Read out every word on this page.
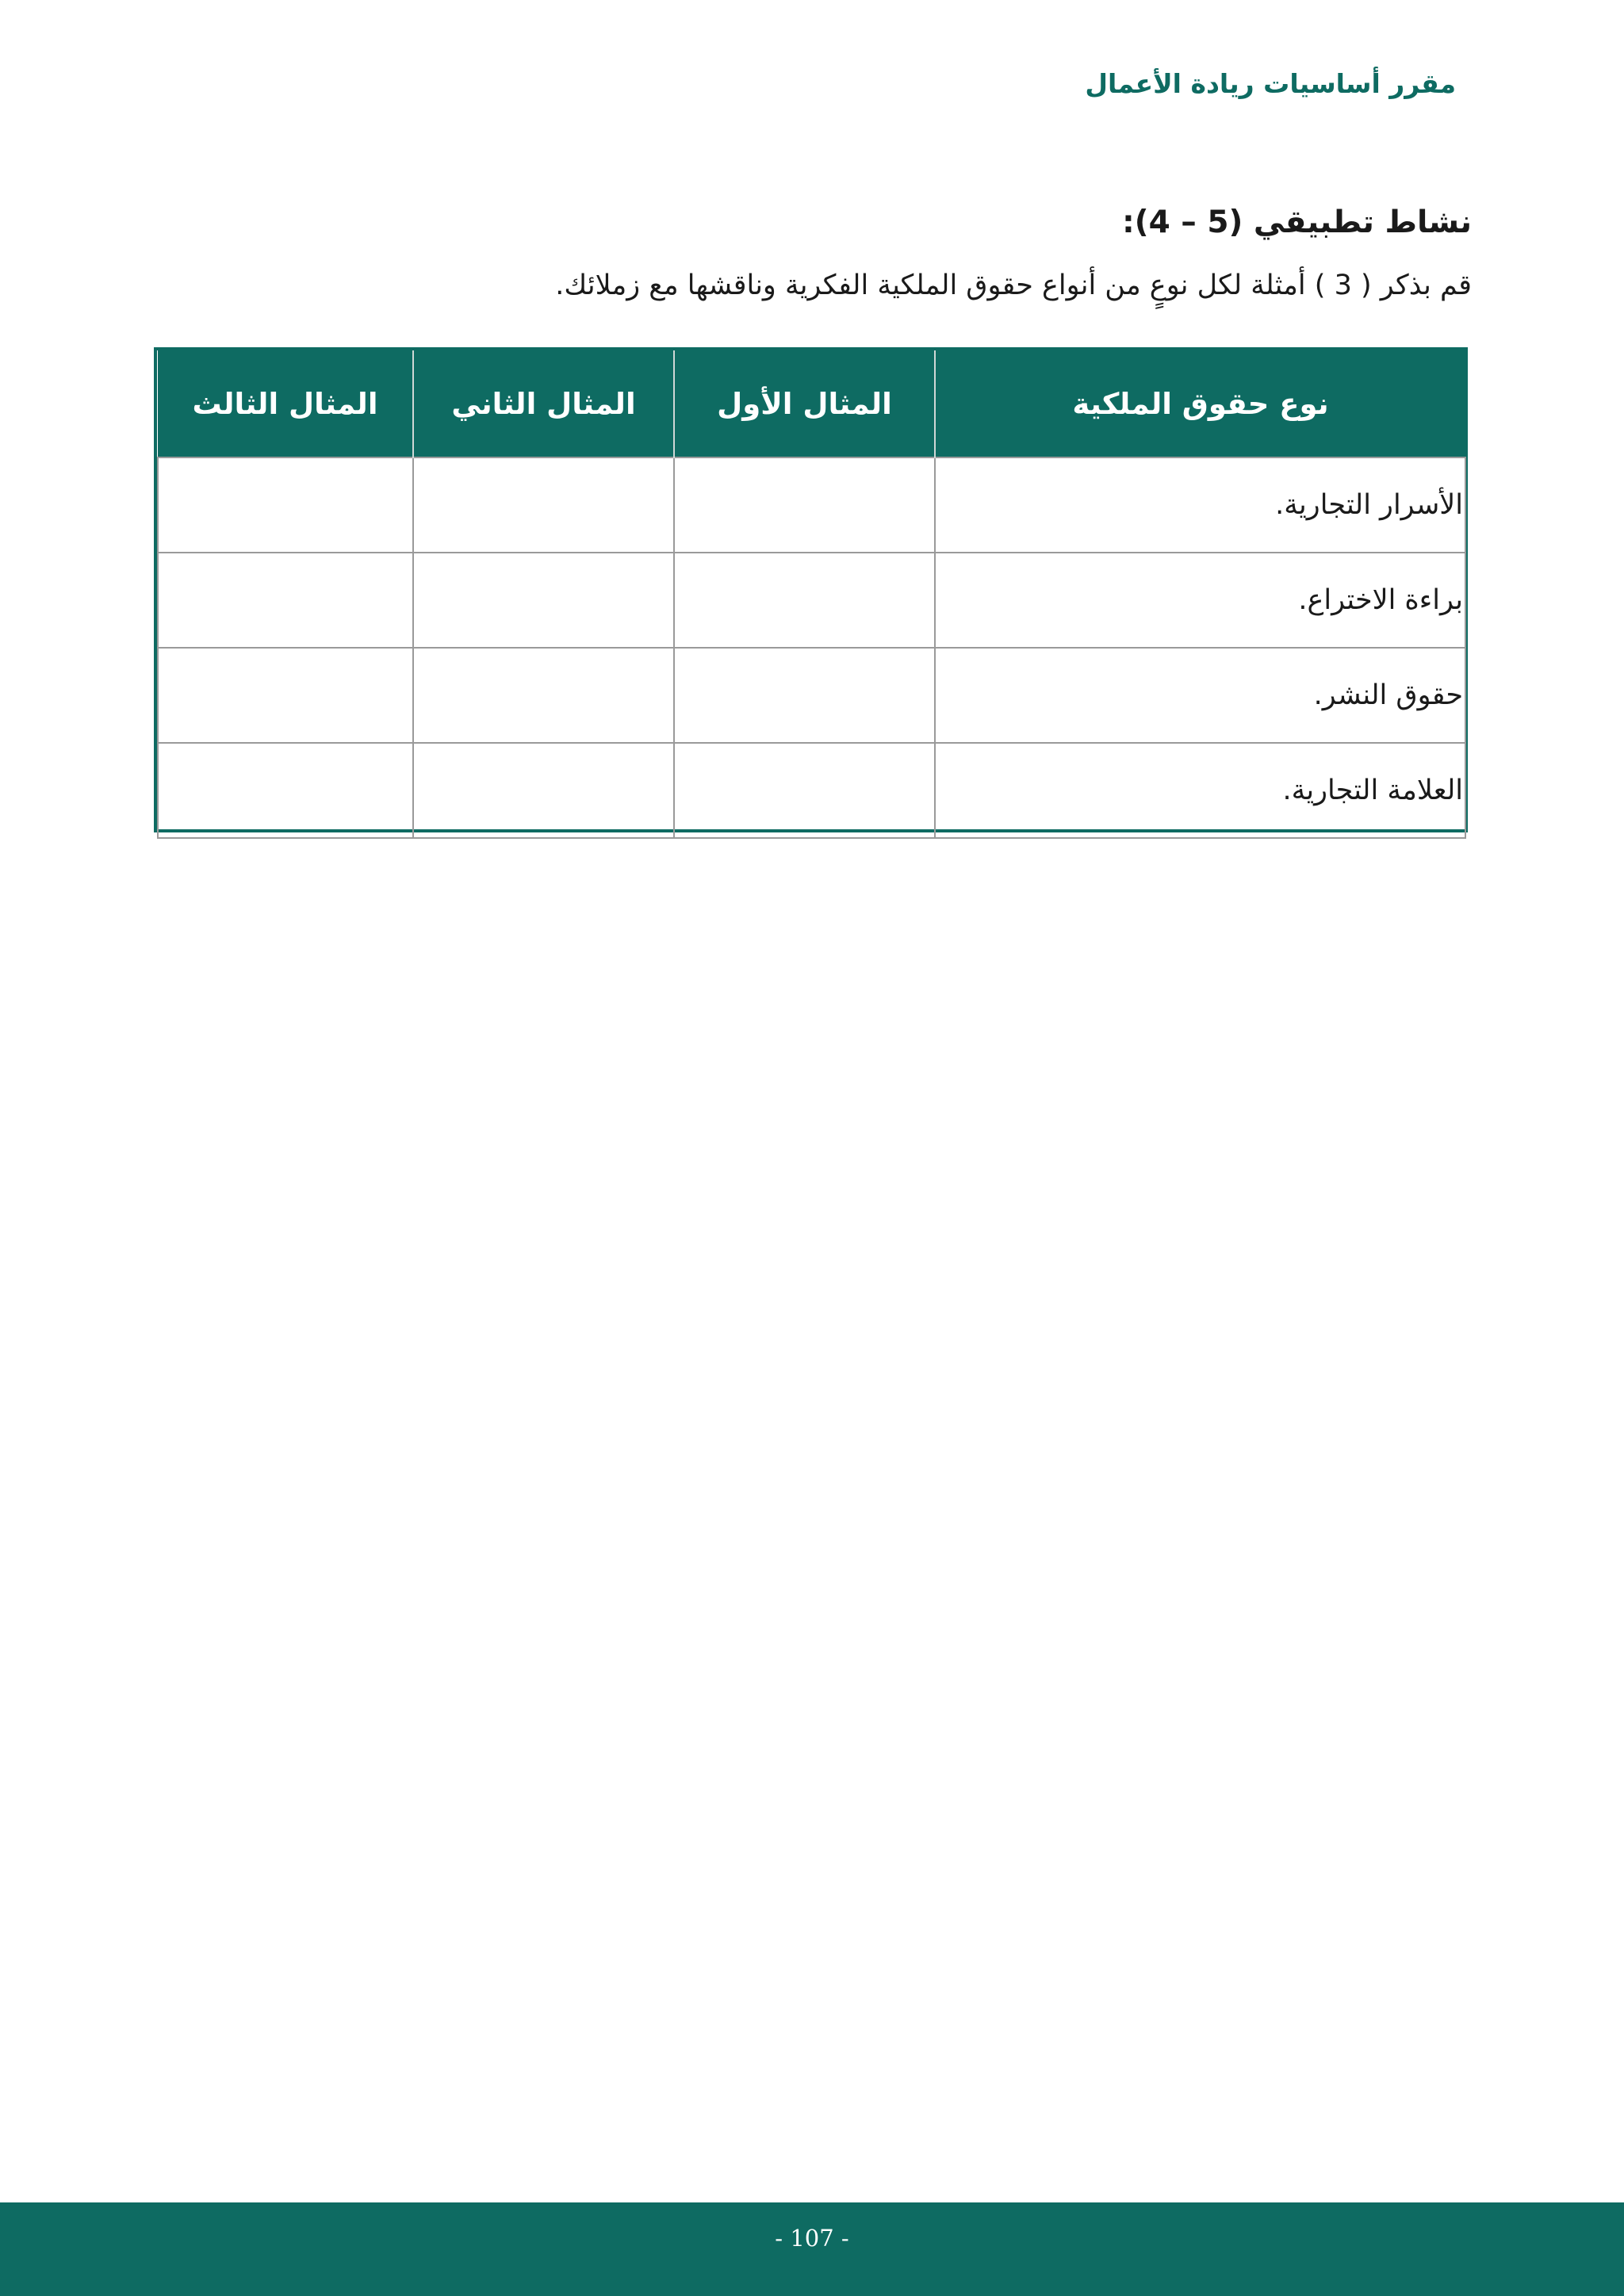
مقرر أساسيات ريادة الأعمال
نشاط تطبيقي (5 – 4):
قم بذكر ( 3 ) أمثلة لكل نوعٍ من أنواع حقوق الملكية الفكرية وناقشها مع زملائك.
نوع حقوق الملكية	المثال الأول	المثال الثاني	المثال الثالث
الأسرار التجارية.			
براءة الاختراع.			
حقوق النشر.			
العلامة التجارية.			
- 107 -
